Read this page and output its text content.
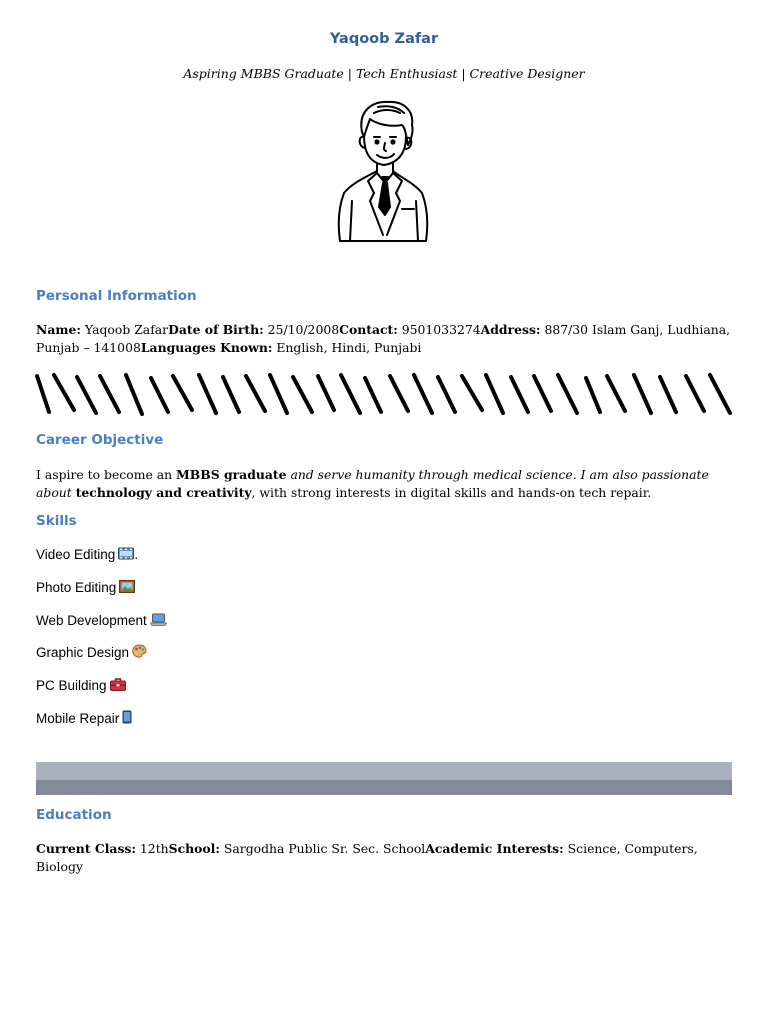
Yaqoob Zafar
Aspiring MBBS Graduate | Tech Enthusiast | Creative Designer
Personal Information
Name: Yaqoob ZafarDate of Birth: 25/10/2008Contact: 9501033274Address: 887/30 Islam Ganj, Ludhiana, Punjab – 141008Languages Known: English, Hindi, Punjabi
Career Objective
I aspire to become an MBBS graduate and serve humanity through medical science. I am also passionate about technology and creativity, with strong interests in digital skills and hands-on tech repair.
Skills
Video Editing .
Photo Editing
Web Development
Graphic Design
PC Building
Mobile Repair
Education
Current Class: 12thSchool: Sargodha Public Sr. Sec. SchoolAcademic Interests: Science, Computers, Biology
